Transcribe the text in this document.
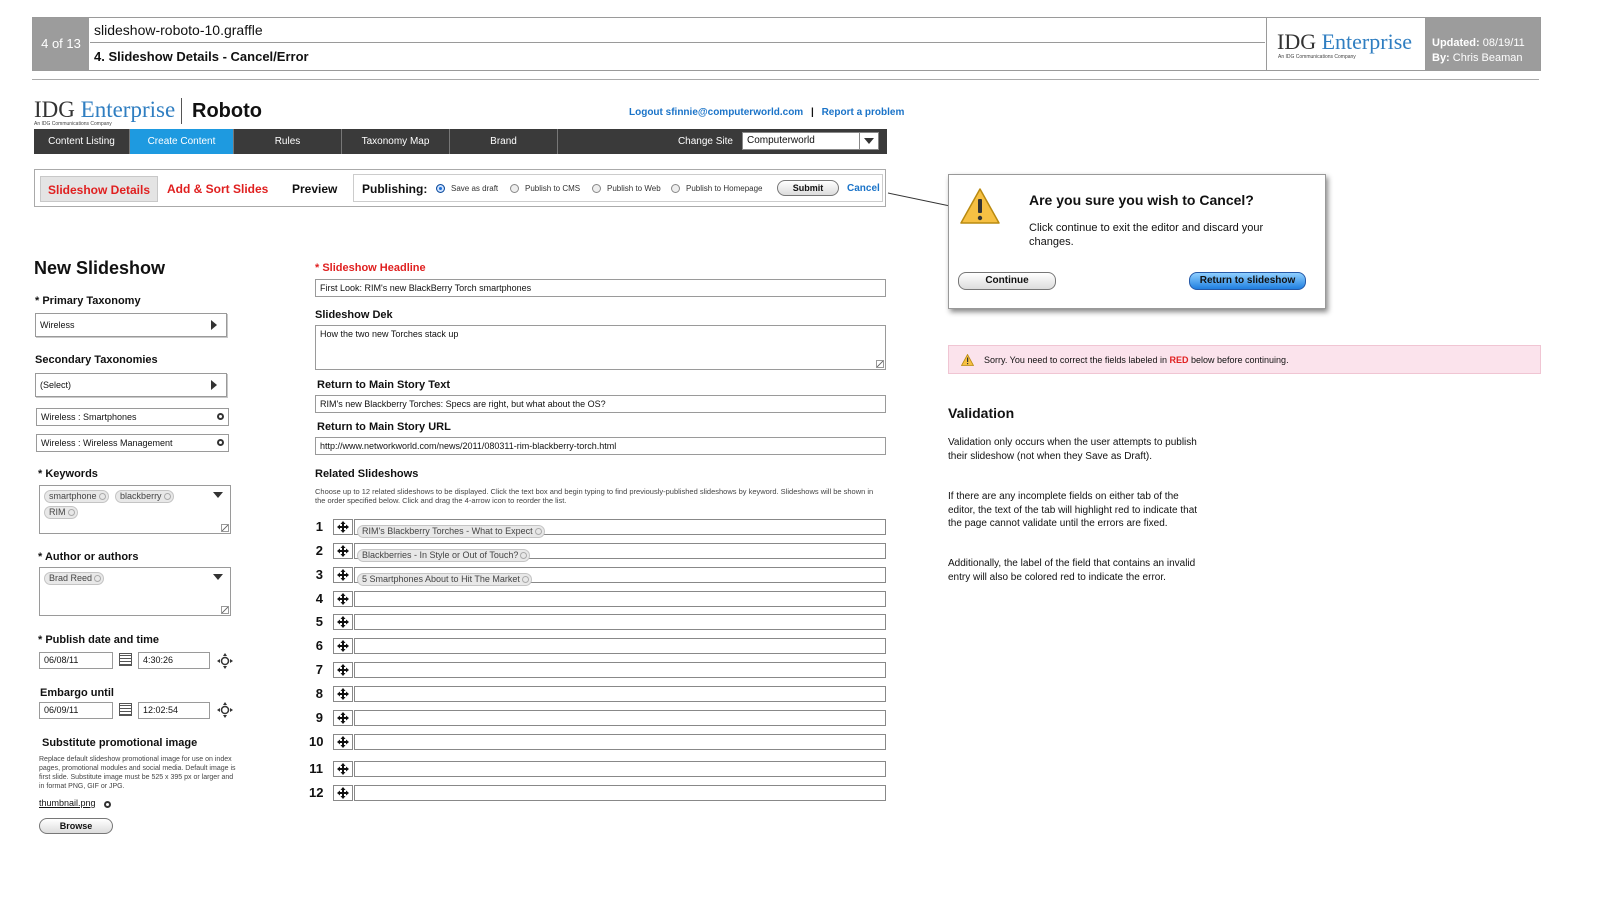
4 of 13
slideshow-roboto-10.graffle
4. Slideshow Details - Cancel/Error
IDG Enterprise
An IDG Communications Company
Updated: 08/19/11
By: Chris Beaman
IDG Enterprise
An IDG Communications Company
Roboto	Logout sfinnie@computerworld.com | Report a problem
Content Listing	Create Content	Rules	Taxonomy Map	Brand	Change Site	Computerworld
Slideshow Details	Add & Sort Slides Preview Publishing:	Save as draft	Publish to CMS	Publish to Web	Publish to Homepage	Submit	Cancel
New Slideshow
* Primary Taxonomy
Wireless
Secondary Taxonomies
(Select)
Wireless : Smartphones
Wireless : Wireless Management
* Keywords
smartphone	blackberry
RIM
* Author or authors
Brad Reed
* Publish date and time
06/08/11	4:30:26
Embargo until
06/09/11	12:02:54
Substitute promotional image
Replace default slideshow promotional image for use on index pages, promotional modules and social media. Default image is first slide. Substitute image must be 525 x 395 px or larger and in format PNG, GIF or JPG.
thumbnail.png
Browse
* Slideshow Headline
First Look: RIM's new BlackBerry Torch smartphones
Slideshow Dek
How the two new Torches stack up
Return to Main Story Text
RIM's new Blackberry Torches: Specs are right, but what about the OS?
Return to Main Story URL
http://www.networkworld.com/news/2011/080311-rim-blackberry-torch.html
Related Slideshows
Choose up to 12 related slideshows to be displayed. Click the text box and begin typing to find previously-published slideshows by keyword. Slideshows will be shown in the order specified below. Click and drag the 4-arrow icon to reorder the list.
1	RIM's Blackberry Torches - What to Expect
2	Blackberries - In Style or Out of Touch?
3	5 Smartphones About to Hit The Market
4
5
6
7
8
9
10
11
12
Are you sure you wish to Cancel?
Click continue to exit the editor and discard your changes.
Continue	Return to slideshow
Sorry. You need to correct the fields labeled in RED below before continuing.
Validation
Validation only occurs when the user attempts to publish their slideshow (not when they Save as Draft).
If there are any incomplete fields on either tab of the editor, the text of the tab will highlight red to indicate that the page cannot validate until the errors are fixed.
Additionally, the label of the field that contains an invalid entry will also be colored red to indicate the error.
